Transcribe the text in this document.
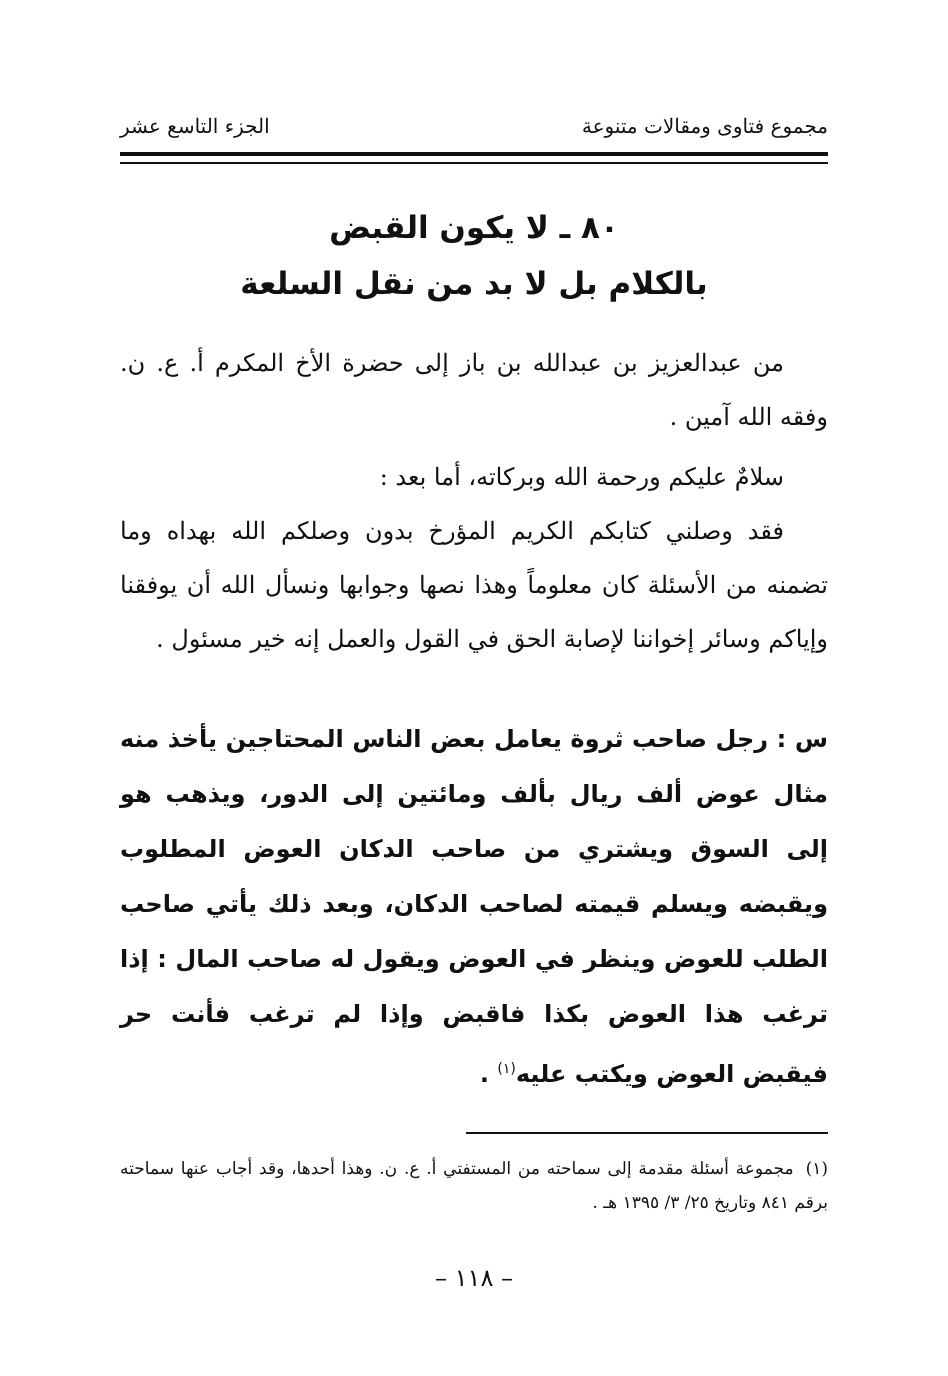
مجموع فتاوى ومقالات متنوعة
الجزء التاسع عشر
٨٠ ـ لا يكون القبض
بالكلام بل لا بد من نقل السلعة

من عبدالعزيز بن عبدالله بن باز إلى حضرة الأخ المكرم أ. ع. ن. وفقه الله آمين .

سلامٌ عليكم ورحمة الله وبركاته، أما بعد :

فقد وصلني كتابكم الكريم المؤرخ بدون وصلكم الله بهداه وما تضمنه من الأسئلة كان معلوماً وهذا نصها وجوابها ونسأل الله أن يوفقنا وإياكم وسائر إخواننا لإصابة الحق في القول والعمل إنه خير مسئول .

س : رجل صاحب ثروة يعامل بعض الناس المحتاجين يأخذ منه مثال عوض ألف ريال بألف ومائتين إلى الدور، ويذهب هو إلى السوق ويشتري من صاحب الدكان العوض المطلوب ويقبضه ويسلم قيمته لصاحب الدكان، وبعد ذلك يأتي صاحب الطلب للعوض وينظر في العوض ويقول له صاحب المال : إذا ترغب هذا العوض بكذا فاقبض وإذا لم ترغب فأنت حر فيقبض العوض ويكتب عليه$^{(١)}$ .
(١)مجموعة أسئلة مقدمة إلى سماحته من المستفتي أ. ع. ن. وهذا أحدها، وقد أجاب عنها سماحته برقم ٨٤١ وتاريخ ٢٥/ ٣/ ١٣٩٥ هـ .
– ١١٨ –
